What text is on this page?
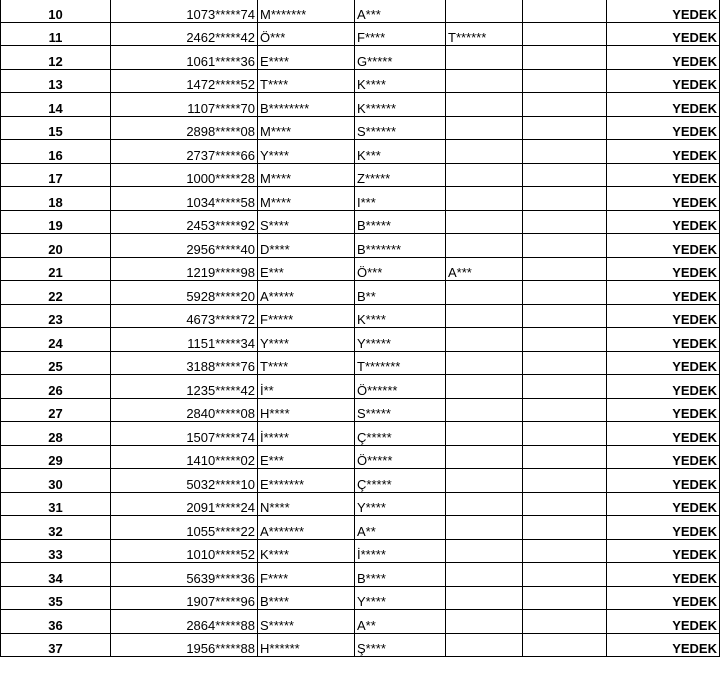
10	1073*****74	M*******	A***			YEDEK
11	2462*****42	Ö***	F****	T******		YEDEK
12	1061*****36	E****	G*****			YEDEK
13	1472*****52	T****	K****			YEDEK
14	1107*****70	B********	K******			YEDEK
15	2898*****08	M****	S******			YEDEK
16	2737*****66	Y****	K***			YEDEK
17	1000*****28	M****	Z*****			YEDEK
18	1034*****58	M****	I***			YEDEK
19	2453*****92	S****	B*****			YEDEK
20	2956*****40	D****	B*******			YEDEK
21	1219*****98	E***	Ö***	A***		YEDEK
22	5928*****20	A*****	B**			YEDEK
23	4673*****72	F*****	K****			YEDEK
24	1151*****34	Y****	Y*****			YEDEK
25	3188*****76	T****	T*******			YEDEK
26	1235*****42	İ**	Ö******			YEDEK
27	2840*****08	H****	S*****			YEDEK
28	1507*****74	İ*****	Ç*****			YEDEK
29	1410*****02	E***	Ö*****			YEDEK
30	5032*****10	E*******	Ç*****			YEDEK
31	2091*****24	N****	Y****			YEDEK
32	1055*****22	A*******	A**			YEDEK
33	1010*****52	K****	İ*****			YEDEK
34	5639*****36	F****	B****			YEDEK
35	1907*****96	B****	Y****			YEDEK
36	2864*****88	S*****	A**			YEDEK
37	1956*****88	H******	Ş****			YEDEK
